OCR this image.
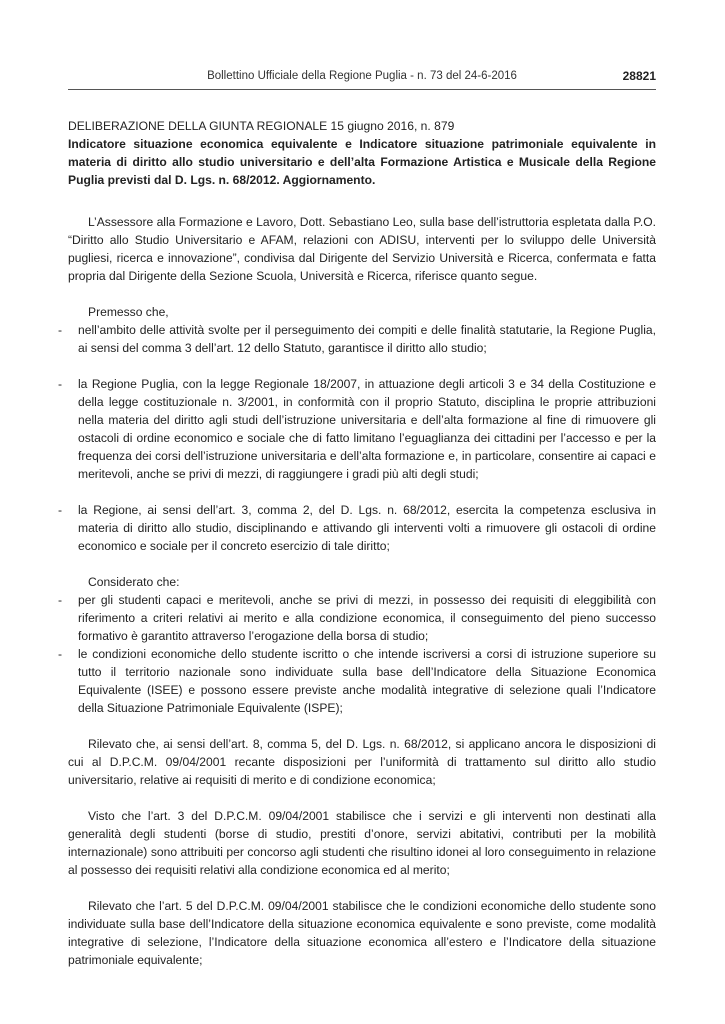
Bollettino Ufficiale della Regione Puglia - n. 73 del 24-6-2016	28821

DELIBERAZIONE DELLA GIUNTA REGIONALE 15 giugno 2016, n. 879

Indicatore situazione economica equivalente e Indicatore situazione patrimoniale equivalente in materia di diritto allo studio universitario e dell’alta Formazione Artistica e Musicale della Regione Puglia previsti dal D. Lgs. n. 68/2012. Aggiornamento.

L’Assessore alla Formazione e Lavoro, Dott. Sebastiano Leo, sulla base dell’istruttoria espletata dalla P.O. “Diritto allo Studio Universitario e AFAM, relazioni con ADISU, interventi per lo sviluppo delle Università pugliesi, ricerca e innovazione”, condivisa dal Dirigente del Servizio Università e Ricerca, confermata e fatta propria dal Dirigente della Sezione Scuola, Università e Ricerca, riferisce quanto segue.

Premesso che,

- nell’ambito delle attività svolte per il perseguimento dei compiti e delle finalità statutarie, la Regione Puglia, ai sensi del comma 3 dell’art. 12 dello Statuto, garantisce il diritto allo studio;

- la Regione Puglia, con la legge Regionale 18/2007, in attuazione degli articoli 3 e 34 della Costituzione e della legge costituzionale n. 3/2001, in conformità con il proprio Statuto, disciplina le proprie attribuzioni nella materia del diritto agli studi dell’istruzione universitaria e dell’alta formazione al fine di rimuovere gli ostacoli di ordine economico e sociale che di fatto limitano l’eguaglianza dei cittadini per l’accesso e per la frequenza dei corsi dell’istruzione universitaria e dell’alta formazione e, in particolare, consentire ai capaci e meritevoli, anche se privi di mezzi, di raggiungere i gradi più alti degli studi;

- la Regione, ai sensi dell’art. 3, comma 2, del D. Lgs. n. 68/2012, esercita la competenza esclusiva in materia di diritto allo studio, disciplinando e attivando gli interventi volti a rimuovere gli ostacoli di ordine economico e sociale per il concreto esercizio di tale diritto;

Considerato che:

- per gli studenti capaci e meritevoli, anche se privi di mezzi, in possesso dei requisiti di eleggibilità con riferimento a criteri relativi ai merito e alla condizione economica, il conseguimento del pieno successo formativo è garantito attraverso l’erogazione della borsa di studio;

- le condizioni economiche dello studente iscritto o che intende iscriversi a corsi di istruzione superiore su tutto il territorio nazionale sono individuate sulla base dell’Indicatore della Situazione Economica Equivalente (ISEE) e possono essere previste anche modalità integrative di selezione quali l’Indicatore della Situazione Patrimoniale Equivalente (ISPE);

Rilevato che, ai sensi dell’art. 8, comma 5, del D. Lgs. n. 68/2012, si applicano ancora le disposizioni di cui al D.P.C.M. 09/04/2001 recante disposizioni per l’uniformità di trattamento sul diritto allo studio universitario, relative ai requisiti di merito e di condizione economica;

Visto che l’art. 3 del D.P.C.M. 09/04/2001 stabilisce che i servizi e gli interventi non destinati alla generalità degli studenti (borse di studio, prestiti d’onore, servizi abitativi, contributi per la mobilità internazionale) sono attribuiti per concorso agli studenti che risultino idonei al loro conseguimento in relazione al possesso dei requisiti relativi alla condizione economica ed al merito;

Rilevato che l’art. 5 del D.P.C.M. 09/04/2001 stabilisce che le condizioni economiche dello studente sono individuate sulla base dell’Indicatore della situazione economica equivalente e sono previste, come modalità integrative di selezione, l’Indicatore della situazione economica all’estero e l’Indicatore della situazione patrimoniale equivalente;
